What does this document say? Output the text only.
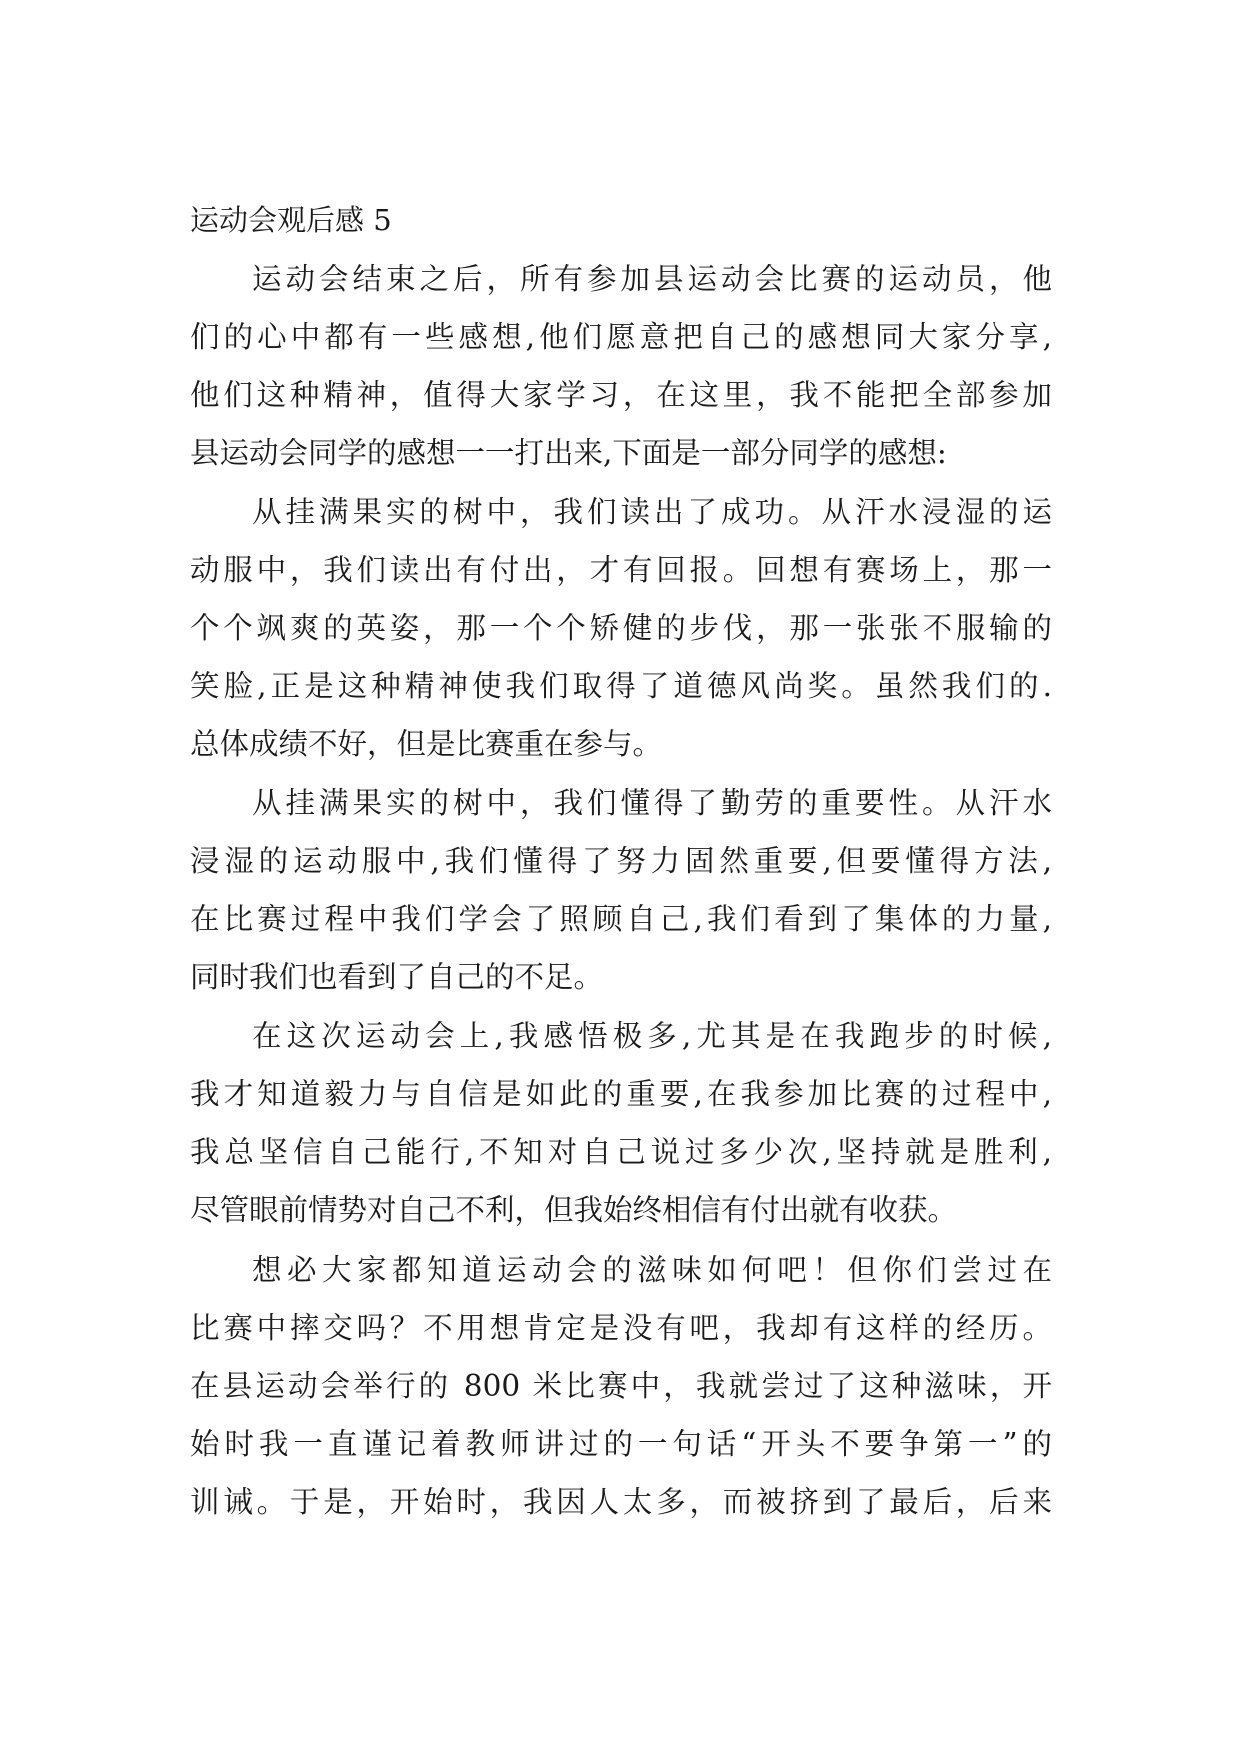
运动会观后感 5
运动会结束之后，所有参加县运动会比赛的运动员，他
们的心中都有一些感想,他们愿意把自己的感想同大家分享,
他们这种精神，值得大家学习，在这里，我不能把全部参加
县运动会同学的感想一一打出来,下面是一部分同学的感想:
从挂满果实的树中，我们读出了成功。从汗水浸湿的运
动服中，我们读出有付出，才有回报。回想有赛场上，那一
个个飒爽的英姿，那一个个矫健的步伐，那一张张不服输的
笑脸,正是这种精神使我们取得了道德风尚奖。虽然我们的.
总体成绩不好，但是比赛重在参与。
从挂满果实的树中，我们懂得了勤劳的重要性。从汗水
浸湿的运动服中,我们懂得了努力固然重要,但要懂得方法,
在比赛过程中我们学会了照顾自己,我们看到了集体的力量,
同时我们也看到了自己的不足。
在这次运动会上,我感悟极多,尤其是在我跑步的时候,
我才知道毅力与自信是如此的重要,在我参加比赛的过程中,
我总坚信自己能行,不知对自己说过多少次,坚持就是胜利,
尽管眼前情势对自己不利，但我始终相信有付出就有收获。
想必大家都知道运动会的滋味如何吧！但你们尝过在
比赛中摔交吗？不用想肯定是没有吧，我却有这样的经历。
在县运动会举行的 800 米比赛中，我就尝过了这种滋味，开
始时我一直谨记着教师讲过的一句话“开头不要争第一”的
训诫。于是，开始时，我因人太多，而被挤到了最后，后来
